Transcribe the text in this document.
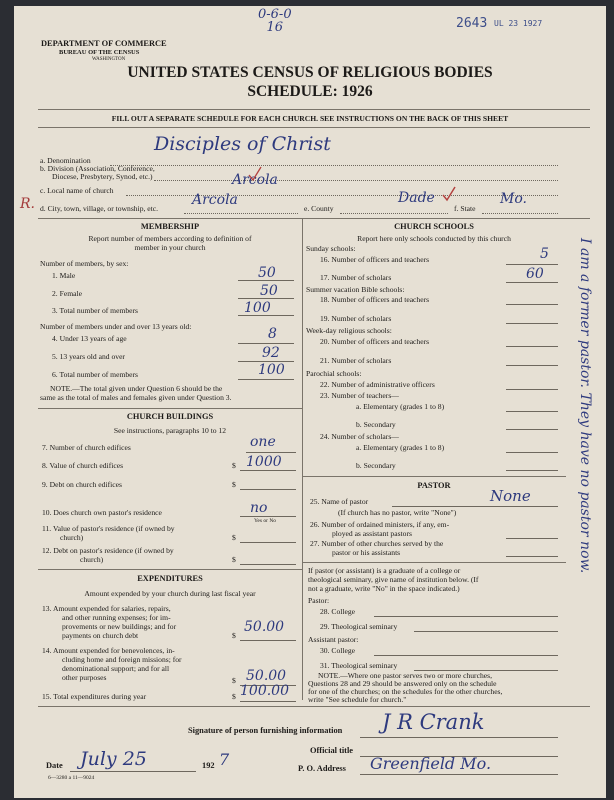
0-6-0
16	2643 UL 23 1927
DEPARTMENT OF COMMERCE
BUREAU OF THE CENSUS
WASHINGTON
UNITED STATES CENSUS OF RELIGIOUS BODIES
SCHEDULE: 1926
FILL OUT A SEPARATE SCHEDULE FOR EACH CHURCH. SEE INSTRUCTIONS ON THE BACK OF THIS SHEET
a. Denomination
Disciples of Christ
b. Division (Association, Conference,
Diocese, Presbytery, Synod, etc.)
c. Local name of church
Arcola
R. d. City, town, village, or township, etc.
Arcola
e. County
Dade
f. State
Mo.
MEMBERSHIP
Report number of members according to definition of
member in your church
Number of members, by sex:
1. Male	50
2. Female	50
3. Total number of members	100
Number of members under and over 13 years old:
4. Under 13 years of age	8
5. 13 years old and over	92
6. Total number of members	100
NOTE.—The total given under Question 6 should be the
same as the total of males and females given under Question 3.
CHURCH BUILDINGS
See instructions, paragraphs 10 to 12
7. Number of church edifices	one
8. Value of church edifices	$ 1000
9. Debt on church edifices	$
10. Does church own pastor's residence	no
Yes or No
11. Value of pastor's residence (if owned by
church)	$
12. Debt on pastor's residence (if owned by
church)	$
EXPENDITURES
Amount expended by your church during last fiscal year
13. Amount expended for salaries, repairs,
and other running expenses; for im-
provements or new buildings; and for
payments on church debt	$
50.00
14. Amount expended for benevolences, in-
cluding home and foreign missions; for
denominational support; and for all
other purposes	$ 50.00
15. Total expenditures during year	$ 100.00
CHURCH SCHOOLS
Report here only schools conducted by this church
Sunday schools:
16. Number of officers and teachers	5
17. Number of scholars	60
Summer vacation Bible schools:
18. Number of officers and teachers
19. Number of scholars
Week-day religious schools:
20. Number of officers and teachers
21. Number of scholars
Parochial schools:
22. Number of administrative officers
23. Number of teachers—
a. Elementary (grades 1 to 8)
b. Secondary
24. Number of scholars—
a. Elementary (grades 1 to 8)
b. Secondary
PASTOR
25. Name of pastor	None
(If church has no pastor, write "None")
26. Number of ordained ministers, if any, em-
ployed as assistant pastors
27. Number of other churches served by the
pastor or his assistants
If pastor (or assistant) is a graduate of a college or
theological seminary, give name of institution below. (If
not a graduate, write "No" in the space indicated.)
Pastor:
28. College
29. Theological seminary
Assistant pastor:
30. College
31. Theological seminary
NOTE.—Where one pastor serves two or more churches,
Questions 28 and 29 should be answered only on the schedule
for one of the churches; on the schedules for the other churches,
write "See schedule for church."
Signature of person furnishing information J R Crank
Official title
Date July 25	192 7	P. O. Address Greenfield Mo.
6—3280 a 11—9024
I am a former pastor. They have no pastor now.
